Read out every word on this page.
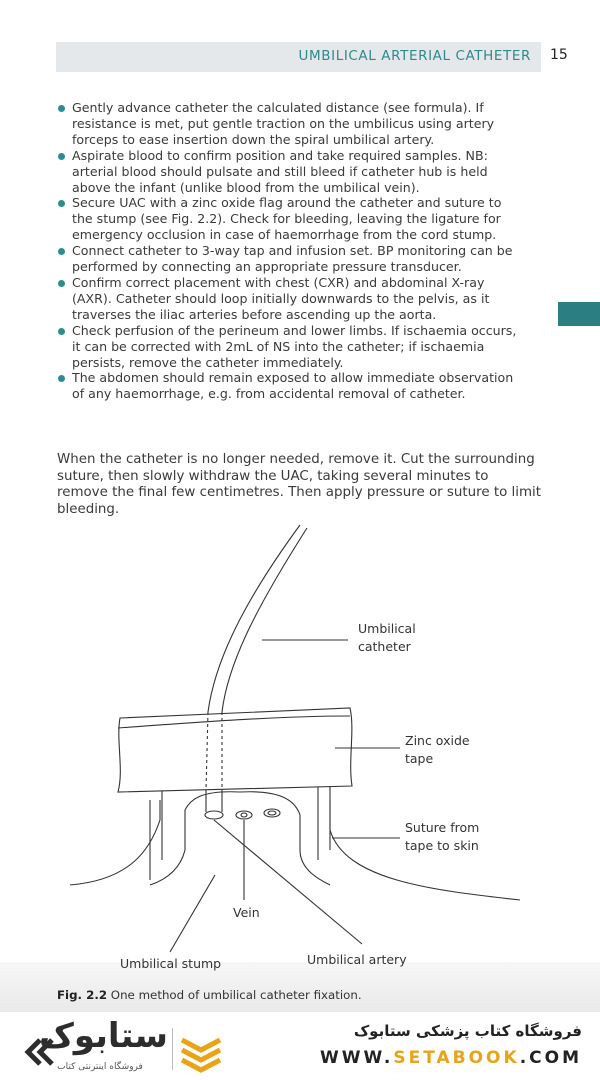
UMBILICAL ARTERIAL CATHETER 15
Gently advance catheter the calculated distance (see formula). If resistance is met, put gentle traction on the umbilicus using artery forceps to ease insertion down the spiral umbilical artery.
Aspirate blood to confirm position and take required samples. NB: arterial blood should pulsate and still bleed if catheter hub is held above the infant (unlike blood from the umbilical vein).
Secure UAC with a zinc oxide flag around the catheter and suture to the stump (see Fig. 2.2). Check for bleeding, leaving the ligature for emergency occlusion in case of haemorrhage from the cord stump.
Connect catheter to 3-way tap and infusion set. BP monitoring can be performed by connecting an appropriate pressure transducer.
Confirm correct placement with chest (CXR) and abdominal X-ray (AXR). Catheter should loop initially downwards to the pelvis, as it traverses the iliac arteries before ascending up the aorta.
Check perfusion of the perineum and lower limbs. If ischaemia occurs, it can be corrected with 2mL of NS into the catheter; if ischaemia persists, remove the catheter immediately.
The abdomen should remain exposed to allow immediate observation of any haemorrhage, e.g. from accidental removal of catheter.

When the catheter is no longer needed, remove it. Cut the surrounding suture, then slowly withdraw the UAC, taking several minutes to remove the final few centimetres. Then apply pressure or suture to limit bleeding.

Umbilical
catheter
Zinc oxide
tape
Suture from
tape to skin
Vein
Umbilical stump	Umbilical artery
Fig. 2.2 One method of umbilical catheter fixation.
ستابوک
فروشگاه اینترنتی کتاب
فروشگاه کتاب پزشکی ستابوک
WWW.SETABOOK.COM
